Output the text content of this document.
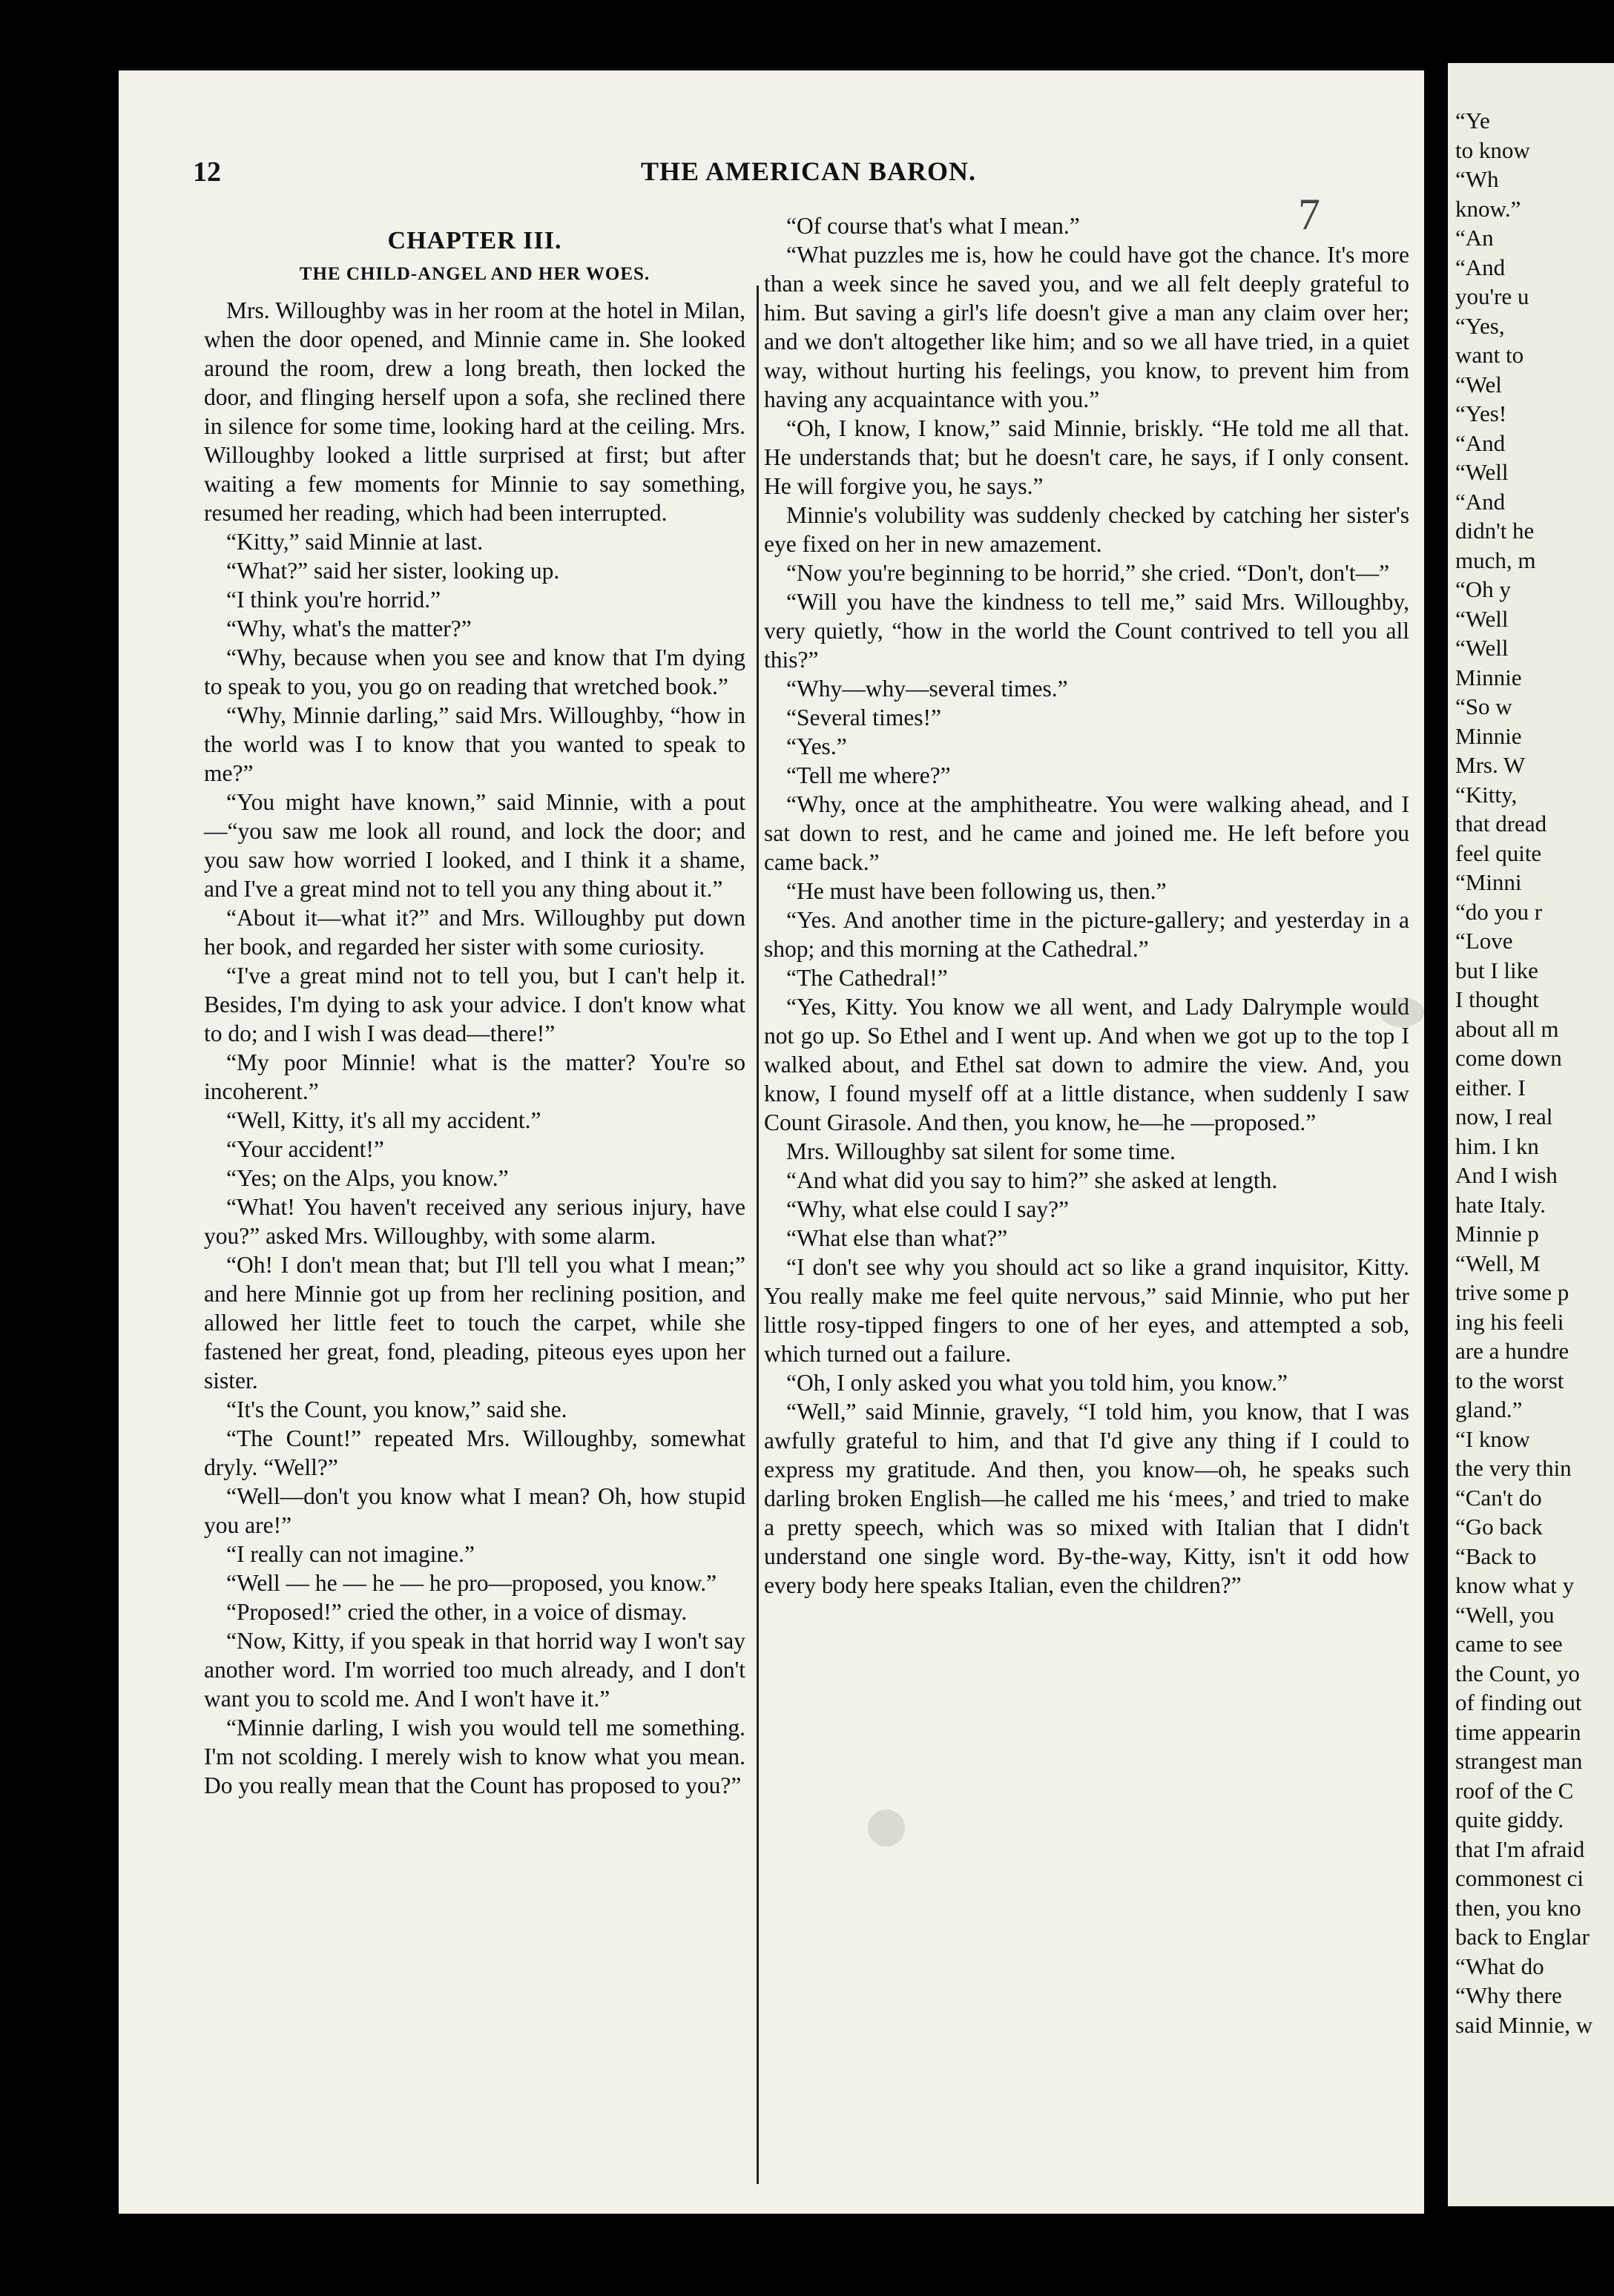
12	THE AMERICAN BARON.
7

CHAPTER III.

THE CHILD-ANGEL AND HER WOES.

Mrs. Willoughby was in her room at the hotel in Milan, when the door opened, and Minnie came in. She looked around the room, drew a long breath, then locked the door, and flinging herself upon a sofa, she reclined there in silence for some time, looking hard at the ceiling. Mrs. Willoughby looked a little surprised at first; but after waiting a few moments for Minnie to say something, resumed her reading, which had been interrupted.

“Kitty,” said Minnie at last.

“What?” said her sister, looking up.

“I think you're horrid.”

“Why, what's the matter?”

“Why, because when you see and know that I'm dying to speak to you, you go on reading that wretched book.”

“Why, Minnie darling,” said Mrs. Willoughby, “how in the world was I to know that you wanted to speak to me?”

“You might have known,” said Minnie, with a pout—“you saw me look all round, and lock the door; and you saw how worried I looked, and I think it a shame, and I've a great mind not to tell you any thing about it.”

“About it—what it?” and Mrs. Willoughby put down her book, and regarded her sister with some curiosity.

“I've a great mind not to tell you, but I can't help it. Besides, I'm dying to ask your advice. I don't know what to do; and I wish I was dead—there!”

“My poor Minnie! what is the matter? You're so incoherent.”

“Well, Kitty, it's all my accident.”

“Your accident!”

“Yes; on the Alps, you know.”

“What! You haven't received any serious injury, have you?” asked Mrs. Willoughby, with some alarm.

“Oh! I don't mean that; but I'll tell you what I mean;” and here Minnie got up from her reclining position, and allowed her little feet to touch the carpet, while she fastened her great, fond, pleading, piteous eyes upon her sister.

“It's the Count, you know,” said she.

“The Count!” repeated Mrs. Willoughby, somewhat dryly. “Well?”

“Well—don't you know what I mean? Oh, how stupid you are!”

“I really can not imagine.”

“Well — he — he — he pro—proposed, you know.”

“Proposed!” cried the other, in a voice of dismay.

“Now, Kitty, if you speak in that horrid way I won't say another word. I'm worried too much already, and I don't want you to scold me. And I won't have it.”

“Minnie darling, I wish you would tell me something. I'm not scolding. I merely wish to know what you mean. Do you really mean that the Count has proposed to you?”

“Of course that's what I mean.”

“What puzzles me is, how he could have got the chance. It's more than a week since he saved you, and we all felt deeply grateful to him. But saving a girl's life doesn't give a man any claim over her; and we don't altogether like him; and so we all have tried, in a quiet way, without hurting his feelings, you know, to prevent him from having any acquaintance with you.”

“Oh, I know, I know,” said Minnie, briskly. “He told me all that. He understands that; but he doesn't care, he says, if I only consent. He will forgive you, he says.”

Minnie's volubility was suddenly checked by catching her sister's eye fixed on her in new amazement.

“Now you're beginning to be horrid,” she cried. “Don't, don't—”

“Will you have the kindness to tell me,” said Mrs. Willoughby, very quietly, “how in the world the Count contrived to tell you all this?”

“Why—why—several times.”

“Several times!”

“Yes.”

“Tell me where?”

“Why, once at the amphitheatre. You were walking ahead, and I sat down to rest, and he came and joined me. He left before you came back.”

“He must have been following us, then.”

“Yes. And another time in the picture-gallery; and yesterday in a shop; and this morning at the Cathedral.”

“The Cathedral!”

“Yes, Kitty. You know we all went, and Lady Dalrymple would not go up. So Ethel and I went up. And when we got up to the top I walked about, and Ethel sat down to admire the view. And, you know, I found myself off at a little distance, when suddenly I saw Count Girasole. And then, you know, he—he —proposed.”

Mrs. Willoughby sat silent for some time.

“And what did you say to him?” she asked at length.

“Why, what else could I say?”

“What else than what?”

“I don't see why you should act so like a grand inquisitor, Kitty. You really make me feel quite nervous,” said Minnie, who put her little rosy-tipped fingers to one of her eyes, and attempted a sob, which turned out a failure.

“Oh, I only asked you what you told him, you know.”

“Well,” said Minnie, gravely, “I told him, you know, that I was awfully grateful to him, and that I'd give any thing if I could to express my gratitude. And then, you know—oh, he speaks such darling broken English—he called me his ‘mees,’ and tried to make a pretty speech, which was so mixed with Italian that I didn't understand one single word. By-the-way, Kitty, isn't it odd how every body here speaks Italian, even the children?”

“Ye
to know
“Wh
know.”
“An
“And
you're u
“Yes,
want to
“Wel
“Yes!
“And
“Well
“And
didn't he
much, m
“Oh y
“Well
“Well
Minnie
“So w
Minnie
Mrs. W
“Kitty,
that dread
feel quite
“Minni
“do you r
“Love
but I like
I thought
about all m
come down
either. I
now, I real
him. I kn
And I wish
hate Italy.
Minnie p
“Well, M
trive some p
ing his feeli
are a hundre
to the worst
gland.”
“I know
the very thin
“Can't do
“Go back
“Back to
know what y
“Well, you
came to see
the Count, yo
of finding out
time appearin
strangest man
roof of the C
quite giddy.
that I'm afraid
commonest ci
then, you kno
back to Englar
“What do
“Why there
said Minnie, w
